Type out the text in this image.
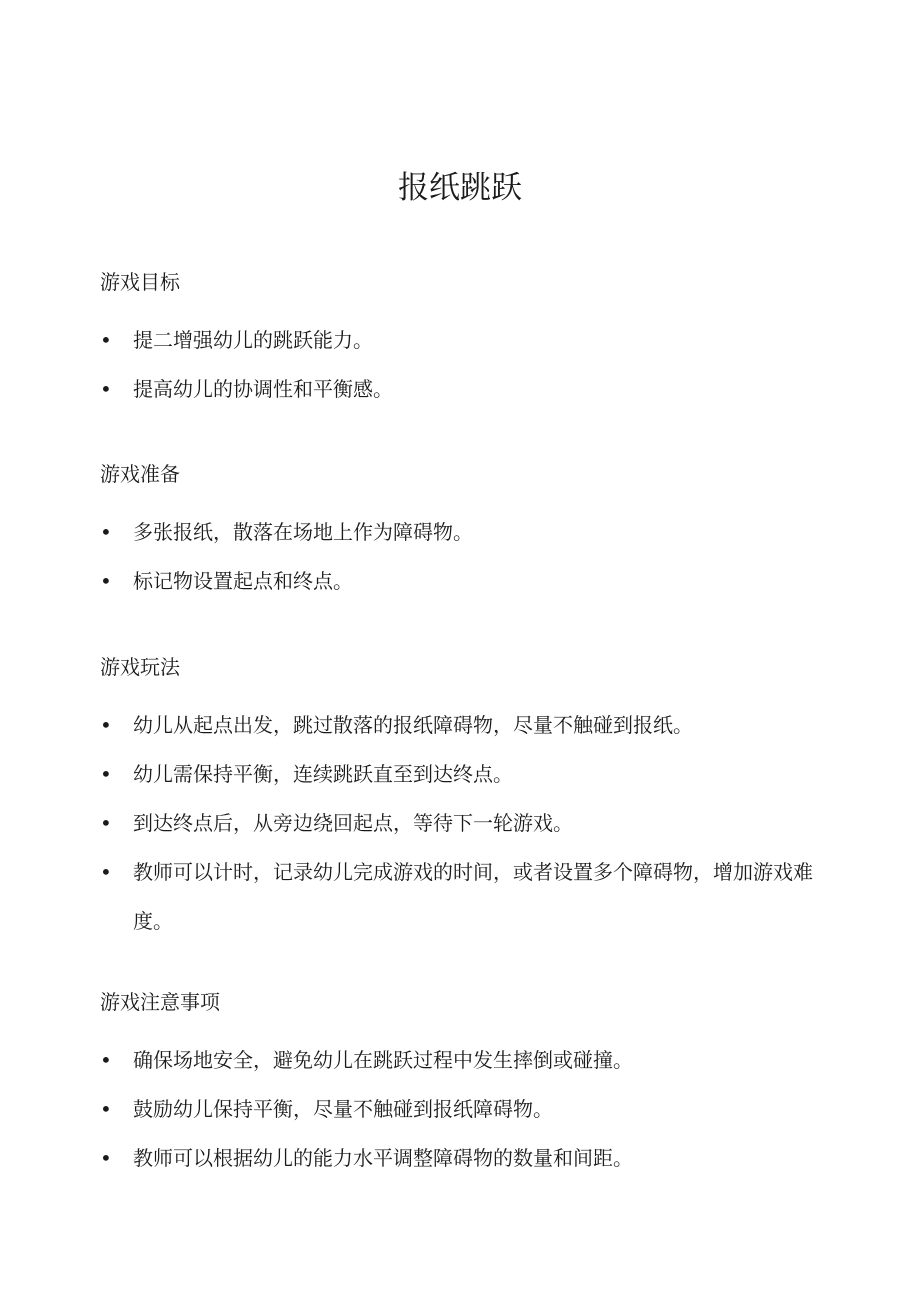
报纸跳跃
游戏目标
• 提二增强幼儿的跳跃能力。
• 提高幼儿的协调性和平衡感。
游戏准备
• 多张报纸，散落在场地上作为障碍物。
• 标记物设置起点和终点。
游戏玩法
• 幼儿从起点出发，跳过散落的报纸障碍物，尽量不触碰到报纸。
• 幼儿需保持平衡，连续跳跃直至到达终点。
• 到达终点后，从旁边绕回起点，等待下一轮游戏。
• 教师可以计时，记录幼儿完成游戏的时间，或者设置多个障碍物，增加游戏难度。
游戏注意事项
• 确保场地安全，避免幼儿在跳跃过程中发生摔倒或碰撞。
• 鼓励幼儿保持平衡，尽量不触碰到报纸障碍物。
• 教师可以根据幼儿的能力水平调整障碍物的数量和间距。
